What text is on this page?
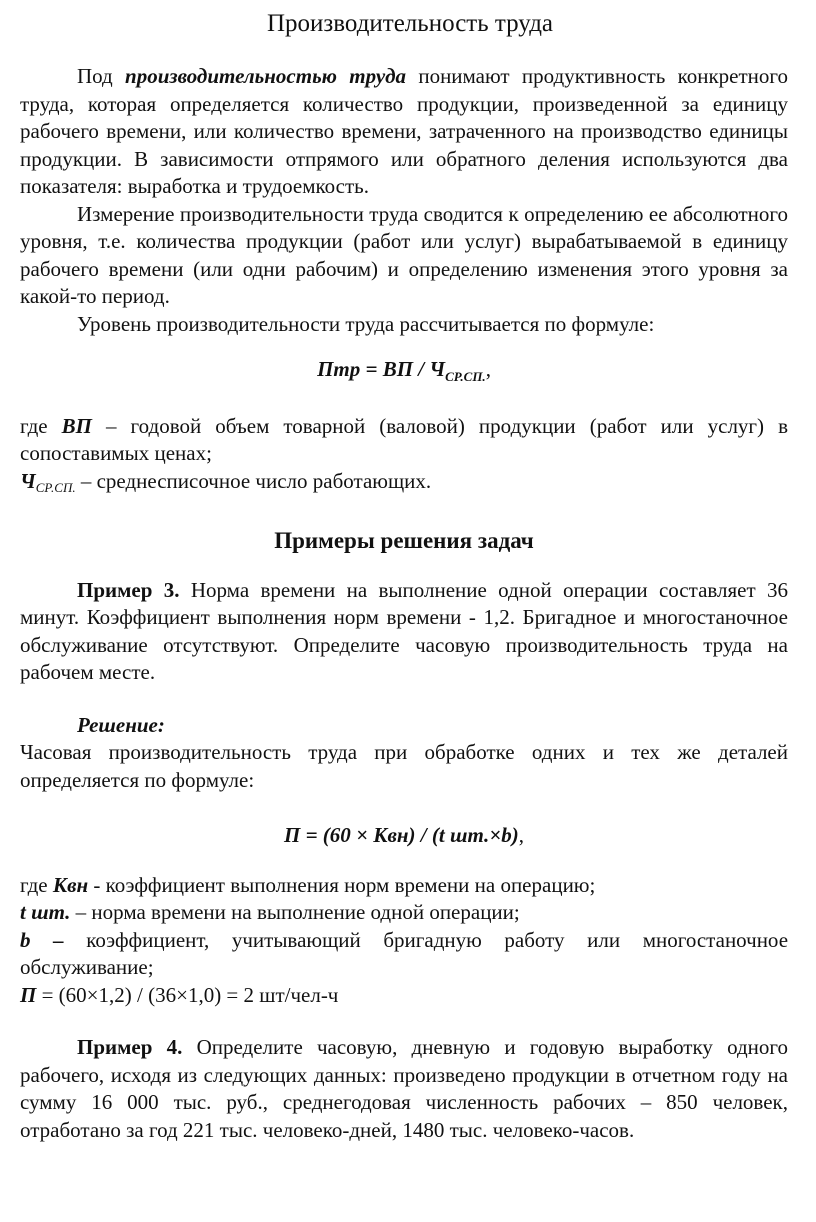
Производительность труда

Под производительностью труда понимают продуктивность конкретного труда, которая определяется количество продукции, произведенной за единицу рабочего времени, или количество времени, затраченного на производство единицы продукции. В зависимости отпрямого или обратного деления используются два показателя: выработка и трудоемкость.

Измерение производительности труда сводится к определению ее абсолютного уровня, т.е. количества продукции (работ или услуг) вырабатываемой в единицу рабочего времени (или одни рабочим) и определению изменения этого уровня за какой-то период.

Уровень производительности труда рассчитывается по формуле:

Птр = ВП / $Ч_{СР.СП.}$,

где ВП – годовой объем товарной (валовой) продукции (работ или услуг) в сопоставимых ценах;

ЧСР.СП. – среднесписочное число работающих.

Примеры решения задач

Пример 3. Норма времени на выполнение одной операции составляет 36 минут. Коэффициент выполнения норм времени - 1,2. Бригадное и многостаночное обслуживание отсутствуют. Определите часовую производительность труда на рабочем месте.

Решение:

Часовая производительность труда при обработке одних и тех же деталей определяется по формуле:

П = (60 × Квн) / (t шт.×b),

где Квн - коэффициент выполнения норм времени на операцию;

t шт. – норма времени на выполнение одной операции;

b – коэффициент, учитывающий бригадную работу или многостаночное обслуживание;

П = (60×1,2) / (36×1,0) = 2 шт/чел-ч

Пример 4. Определите часовую, дневную и годовую выработку одного рабочего, исходя из следующих данных: произведено продукции в отчетном году на сумму 16 000 тыс. руб., среднегодовая численность рабочих – 850 человек, отработано за год 221 тыс. человеко-дней, 1480 тыс. человеко-часов.
